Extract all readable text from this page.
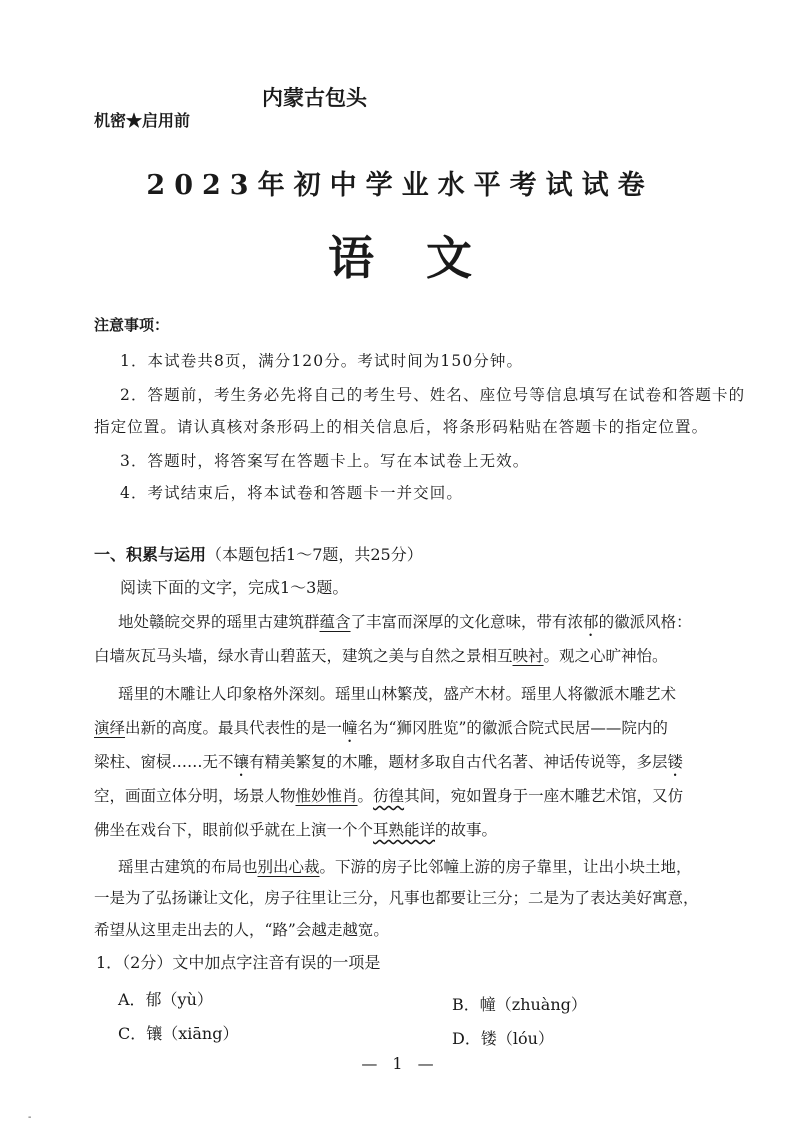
内蒙古包头
机密★启用前
2023年初中学业水平考试试卷
语文
注意事项：
1．本试卷共8页，满分120分。考试时间为150分钟。
2．答题前，考生务必先将自己的考生号、姓名、座位号等信息填写在试卷和答题卡的
指定位置。请认真核对条形码上的相关信息后，将条形码粘贴在答题卡的指定位置。
3．答题时，将答案写在答题卡上。写在本试卷上无效。
4．考试结束后，将本试卷和答题卡一并交回。
一、积累与运用（本题包括1～7题，共25分）
阅读下面的文字，完成1～3题。
地处赣皖交界的瑶里古建筑群蕴含了丰富而深厚的文化意味，带有浓郁的徽派风格：
白墙灰瓦马头墙，绿水青山碧蓝天，建筑之美与自然之景相互映衬。观之心旷神怡。
瑶里的木雕让人印象格外深刻。瑶里山林繁茂，盛产木材。瑶里人将徽派木雕艺术
演绎出新的高度。最具代表性的是一幢名为“狮冈胜览”的徽派合院式民居——院内的
梁柱、窗棂……无不镶有精美繁复的木雕，题材多取自古代名著、神话传说等，多层镂
空，画面立体分明，场景人物惟妙惟肖。彷徨其间，宛如置身于一座木雕艺术馆，又仿
佛坐在戏台下，眼前似乎就在上演一个个耳熟能详的故事。
瑶里古建筑的布局也别出心裁。下游的房子比邻幢上游的房子靠里，让出小块土地，
一是为了弘扬谦让文化，房子往里让三分，凡事也都要让三分；二是为了表达美好寓意，
希望从这里走出去的人，“路”会越走越宽。
1．（2分）文中加点字注音有误的一项是
A．郁（yù）	B．幢（zhuàng）
C．镶（xiāng）	D．镂（lóu）
— 1 —
-
